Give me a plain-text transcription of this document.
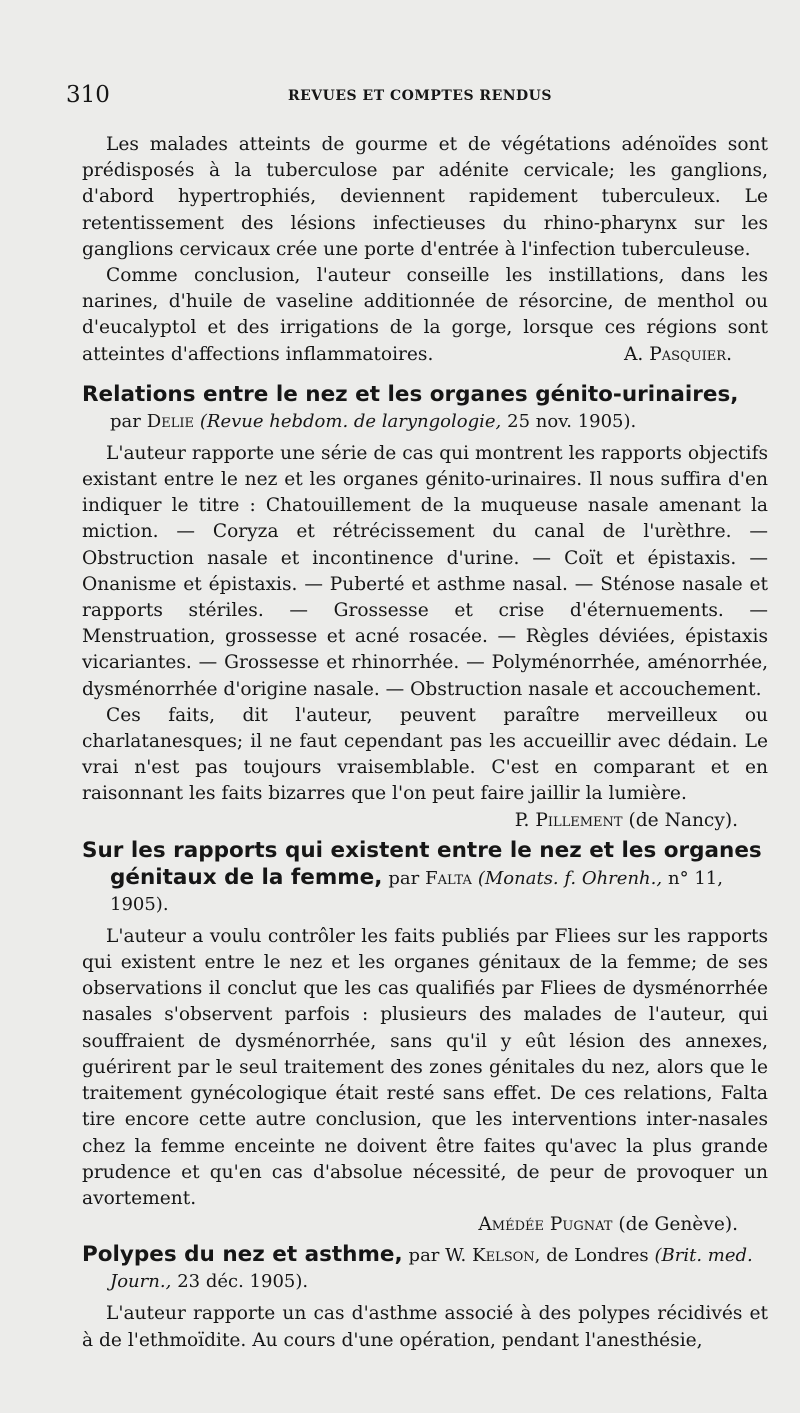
310	REVUES ET COMPTES RENDUS

Les malades atteints de gourme et de végétations adénoïdes sont prédisposés à la tuberculose par adénite cervicale; les ganglions, d'abord hypertrophiés, deviennent rapidement tuberculeux. Le retentissement des lésions infectieuses du rhino-pharynx sur les ganglions cervicaux crée une porte d'entrée à l'infection tuberculeuse.

Comme conclusion, l'auteur conseille les instillations, dans les narines, d'huile de vaseline additionnée de résorcine, de menthol ou d'eucalyptol et des irrigations de la gorge, lorsque ces régions sont atteintes d'affections inflammatoires.	A. Pasquier.

Relations entre le nez et les organes génito-urinaires, par Delie (Revue hebdom. de laryngologie, 25 nov. 1905).

L'auteur rapporte une série de cas qui montrent les rapports objectifs existant entre le nez et les organes génito-urinaires. Il nous suffira d'en indiquer le titre : Chatouillement de la muqueuse nasale amenant la miction. — Coryza et rétrécissement du canal de l'urèthre. — Obstruction nasale et incontinence d'urine. — Coït et épistaxis. — Onanisme et épistaxis. — Puberté et asthme nasal. — Sténose nasale et rapports stériles. — Grossesse et crise d'éternuements. — Menstruation, grossesse et acné rosacée. — Règles déviées, épistaxis vicariantes. — Grossesse et rhinorrhée. — Polyménorrhée, aménorrhée, dysménorrhée d'origine nasale. — Obstruction nasale et accouchement.

Ces faits, dit l'auteur, peuvent paraître merveilleux ou charlatanesques; il ne faut cependant pas les accueillir avec dédain. Le vrai n'est pas toujours vraisemblable. C'est en comparant et en raisonnant les faits bizarres que l'on peut faire jaillir la lumière.

P. Pillement (de Nancy).

Sur les rapports qui existent entre le nez et les organes génitaux de la femme, par Falta (Monats. f. Ohrenh., n° 11, 1905).

L'auteur a voulu contrôler les faits publiés par Fliees sur les rapports qui existent entre le nez et les organes génitaux de la femme; de ses observations il conclut que les cas qualifiés par Fliees de dysménorrhée nasales s'observent parfois : plusieurs des malades de l'auteur, qui souffraient de dysménorrhée, sans qu'il y eût lésion des annexes, guérirent par le seul traitement des zones génitales du nez, alors que le traitement gynécologique était resté sans effet. De ces relations, Falta tire encore cette autre conclusion, que les interventions inter-nasales chez la femme enceinte ne doivent être faites qu'avec la plus grande prudence et qu'en cas d'absolue nécessité, de peur de provoquer un avortement.

Amédée Pugnat (de Genève).

Polypes du nez et asthme, par W. Kelson, de Londres (Brit. med. Journ., 23 déc. 1905).

L'auteur rapporte un cas d'asthme associé à des polypes récidivés et à de l'ethmoïdite. Au cours d'une opération, pendant l'anesthésie,
